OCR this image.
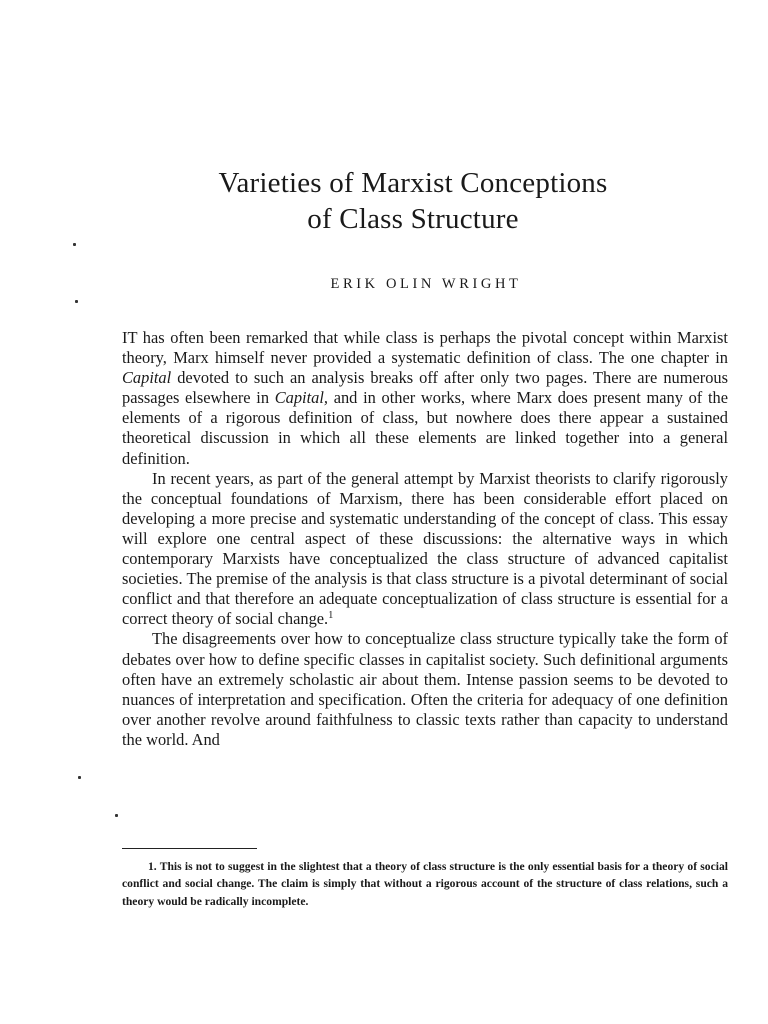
Varieties of Marxist Conceptions
of Class Structure
ERIK OLIN WRIGHT

IT has often been remarked that while class is perhaps the pivotal concept within Marxist theory, Marx himself never provided a systematic definition of class. The one chapter in Capital devoted to such an analysis breaks off after only two pages. There are numerous passages elsewhere in Capital, and in other works, where Marx does present many of the elements of a rigorous definition of class, but nowhere does there appear a sustained theoretical discussion in which all these elements are linked together into a general definition.

In recent years, as part of the general attempt by Marxist theorists to clarify rigorously the conceptual foundations of Marxism, there has been considerable effort placed on developing a more precise and systematic understanding of the concept of class. This essay will explore one central aspect of these discussions: the alternative ways in which contemporary Marxists have conceptualized the class structure of advanced capitalist societies. The premise of the analysis is that class structure is a pivotal determinant of social conflict and that therefore an adequate conceptualization of class structure is essential for a correct theory of social change.$^1$

The disagreements over how to conceptualize class structure typically take the form of debates over how to define specific classes in capitalist society. Such definitional arguments often have an extremely scholastic air about them. Intense passion seems to be devoted to nuances of interpretation and specification. Often the criteria for adequacy of one definition over another revolve around faithfulness to classic texts rather than capacity to understand the world. And

1. This is not to suggest in the slightest that a theory of class structure is the only essential basis for a theory of social conflict and social change. The claim is simply that without a rigorous account of the structure of class relations, such a theory would be radically incomplete.
